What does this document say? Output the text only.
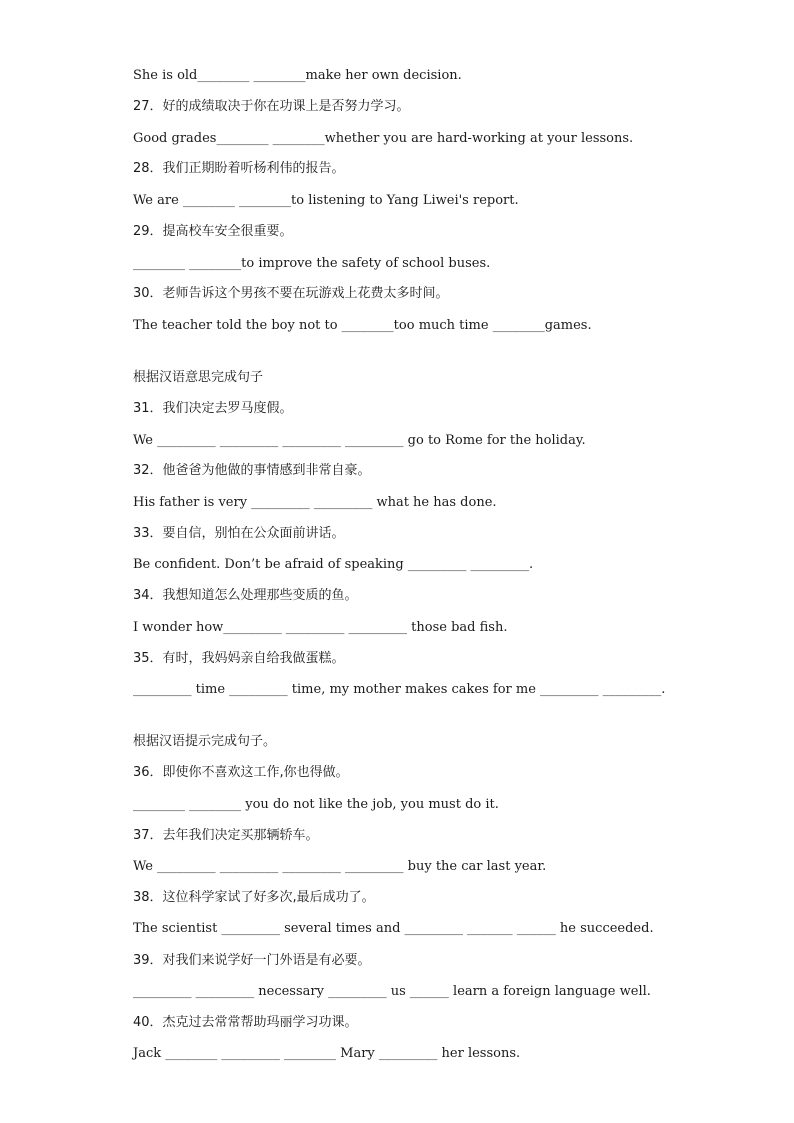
She is old________ ________make her own decision.
27．好的成绩取决于你在功课上是否努力学习。
Good grades________ ________whether you are hard-working at your lessons.
28．我们正期盼着听杨利伟的报告。
We are ________ ________to listening to Yang Liwei's report.
29．提高校车安全很重要。
________ ________to improve the safety of school buses.
30．老师告诉这个男孩不要在玩游戏上花费太多时间。
The teacher told the boy not to ________too much time ________games.
根据汉语意思完成句子
31．我们决定去罗马度假。
We _________ _________ _________ _________ go to Rome for the holiday.
32．他爸爸为他做的事情感到非常自豪。
His father is very _________ _________ what he has done.
33．要自信，别怕在公众面前讲话。
Be confident. Don’t be afraid of speaking _________ _________.
34．我想知道怎么处理那些变质的鱼。
I wonder how_________ _________ _________ those bad fish.
35．有时，我妈妈亲自给我做蛋糕。
_________ time _________ time, my mother makes cakes for me _________ _________.
根据汉语提示完成句子。
36．即使你不喜欢这工作,你也得做。
________ ________ you do not like the job, you must do it.
37．去年我们决定买那辆轿车。
We _________ _________ _________ _________ buy the car last year.
38．这位科学家试了好多次,最后成功了。
The scientist _________ several times and _________ _______ ______ he succeeded.
39．对我们来说学好一门外语是有必要。
_________ _________ necessary _________ us ______ learn a foreign language well.
40．杰克过去常常帮助玛丽学习功课。
Jack ________ _________ ________ Mary _________ her lessons.
